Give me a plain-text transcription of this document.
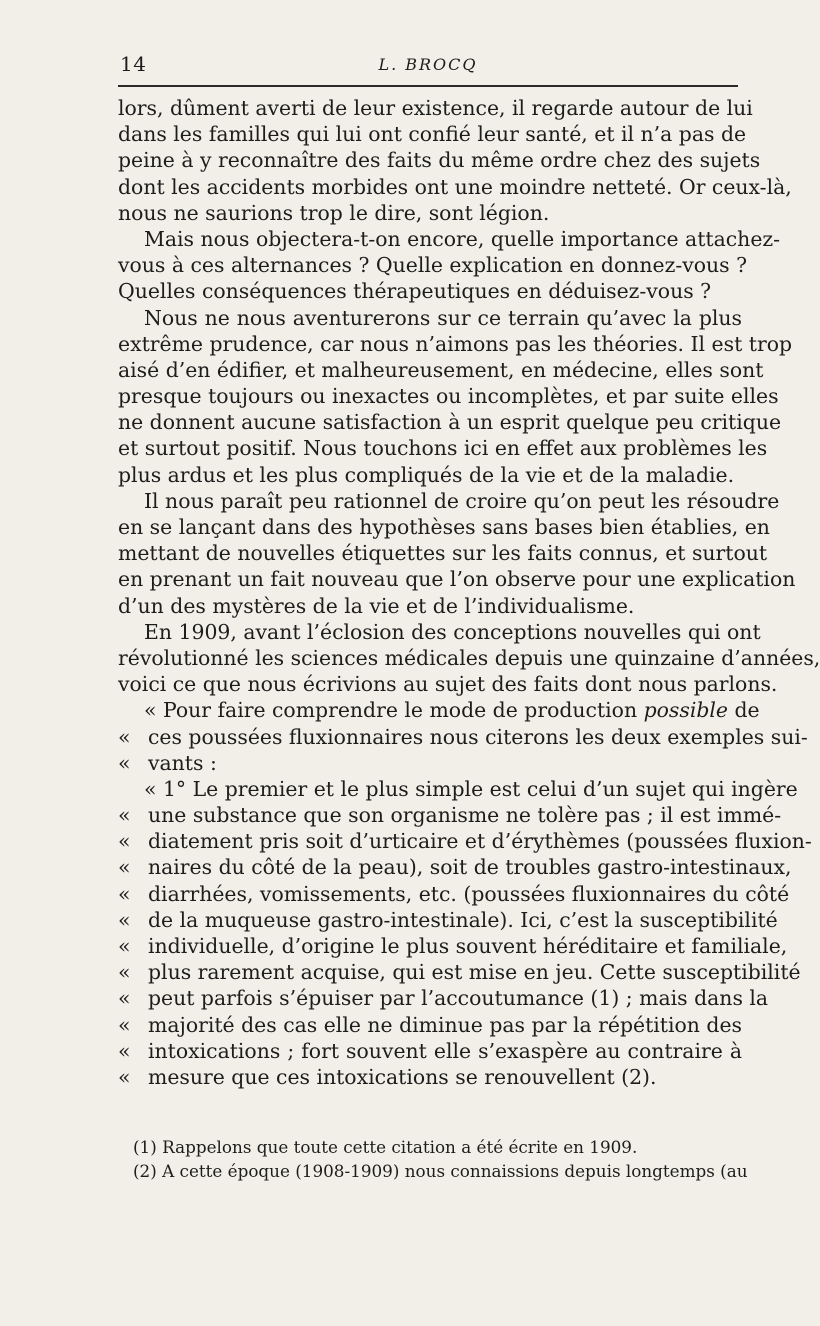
14	L. BROCQ
lors, dûment averti de leur existence, il regarde autour de lui
dans les familles qui lui ont confié leur santé, et il n’a pas de
peine à y reconnaître des faits du même ordre chez des sujets
dont les accidents morbides ont une moindre netteté. Or ceux-là,
nous ne saurions trop le dire, sont légion.
Mais nous objectera-t-on encore, quelle importance attachez-
vous à ces alternances ? Quelle explication en donnez-vous ?
Quelles conséquences thérapeutiques en déduisez-vous ?
Nous ne nous aventurerons sur ce terrain qu’avec la plus
extrême prudence, car nous n’aimons pas les théories. Il est trop
aisé d’en édifier, et malheureusement, en médecine, elles sont
presque toujours ou inexactes ou incomplètes, et par suite elles
ne donnent aucune satisfaction à un esprit quelque peu critique
et surtout positif. Nous touchons ici en effet aux problèmes les
plus ardus et les plus compliqués de la vie et de la maladie.
Il nous paraît peu rationnel de croire qu’on peut les résoudre
en se lançant dans des hypothèses sans bases bien établies, en
mettant de nouvelles étiquettes sur les faits connus, et surtout
en prenant un fait nouveau que l’on observe pour une explication
d’un des mystères de la vie et de l’individualisme.
En 1909, avant l’éclosion des conceptions nouvelles qui ont
révolutionné les sciences médicales depuis une quinzaine d’années,
voici ce que nous écrivions au sujet des faits dont nous parlons.
« Pour faire comprendre le mode de production possible de
« ces poussées fluxionnaires nous citerons les deux exemples sui-
« vants :
« 1° Le premier et le plus simple est celui d’un sujet qui ingère
« une substance que son organisme ne tolère pas ; il est immé-
« diatement pris soit d’urticaire et d’érythèmes (poussées fluxion-
« naires du côté de la peau), soit de troubles gastro-intestinaux,
« diarrhées, vomissements, etc. (poussées fluxionnaires du côté
« de la muqueuse gastro-intestinale). Ici, c’est la susceptibilité
« individuelle, d’origine le plus souvent héréditaire et familiale,
« plus rarement acquise, qui est mise en jeu. Cette susceptibilité
« peut parfois s’épuiser par l’accoutumance (1) ; mais dans la
« majorité des cas elle ne diminue pas par la répétition des
« intoxications ; fort souvent elle s’exaspère au contraire à
« mesure que ces intoxications se renouvellent (2).
(1) Rappelons que toute cette citation a été écrite en 1909.
(2) A cette époque (1908-1909) nous connaissions depuis longtemps (au
